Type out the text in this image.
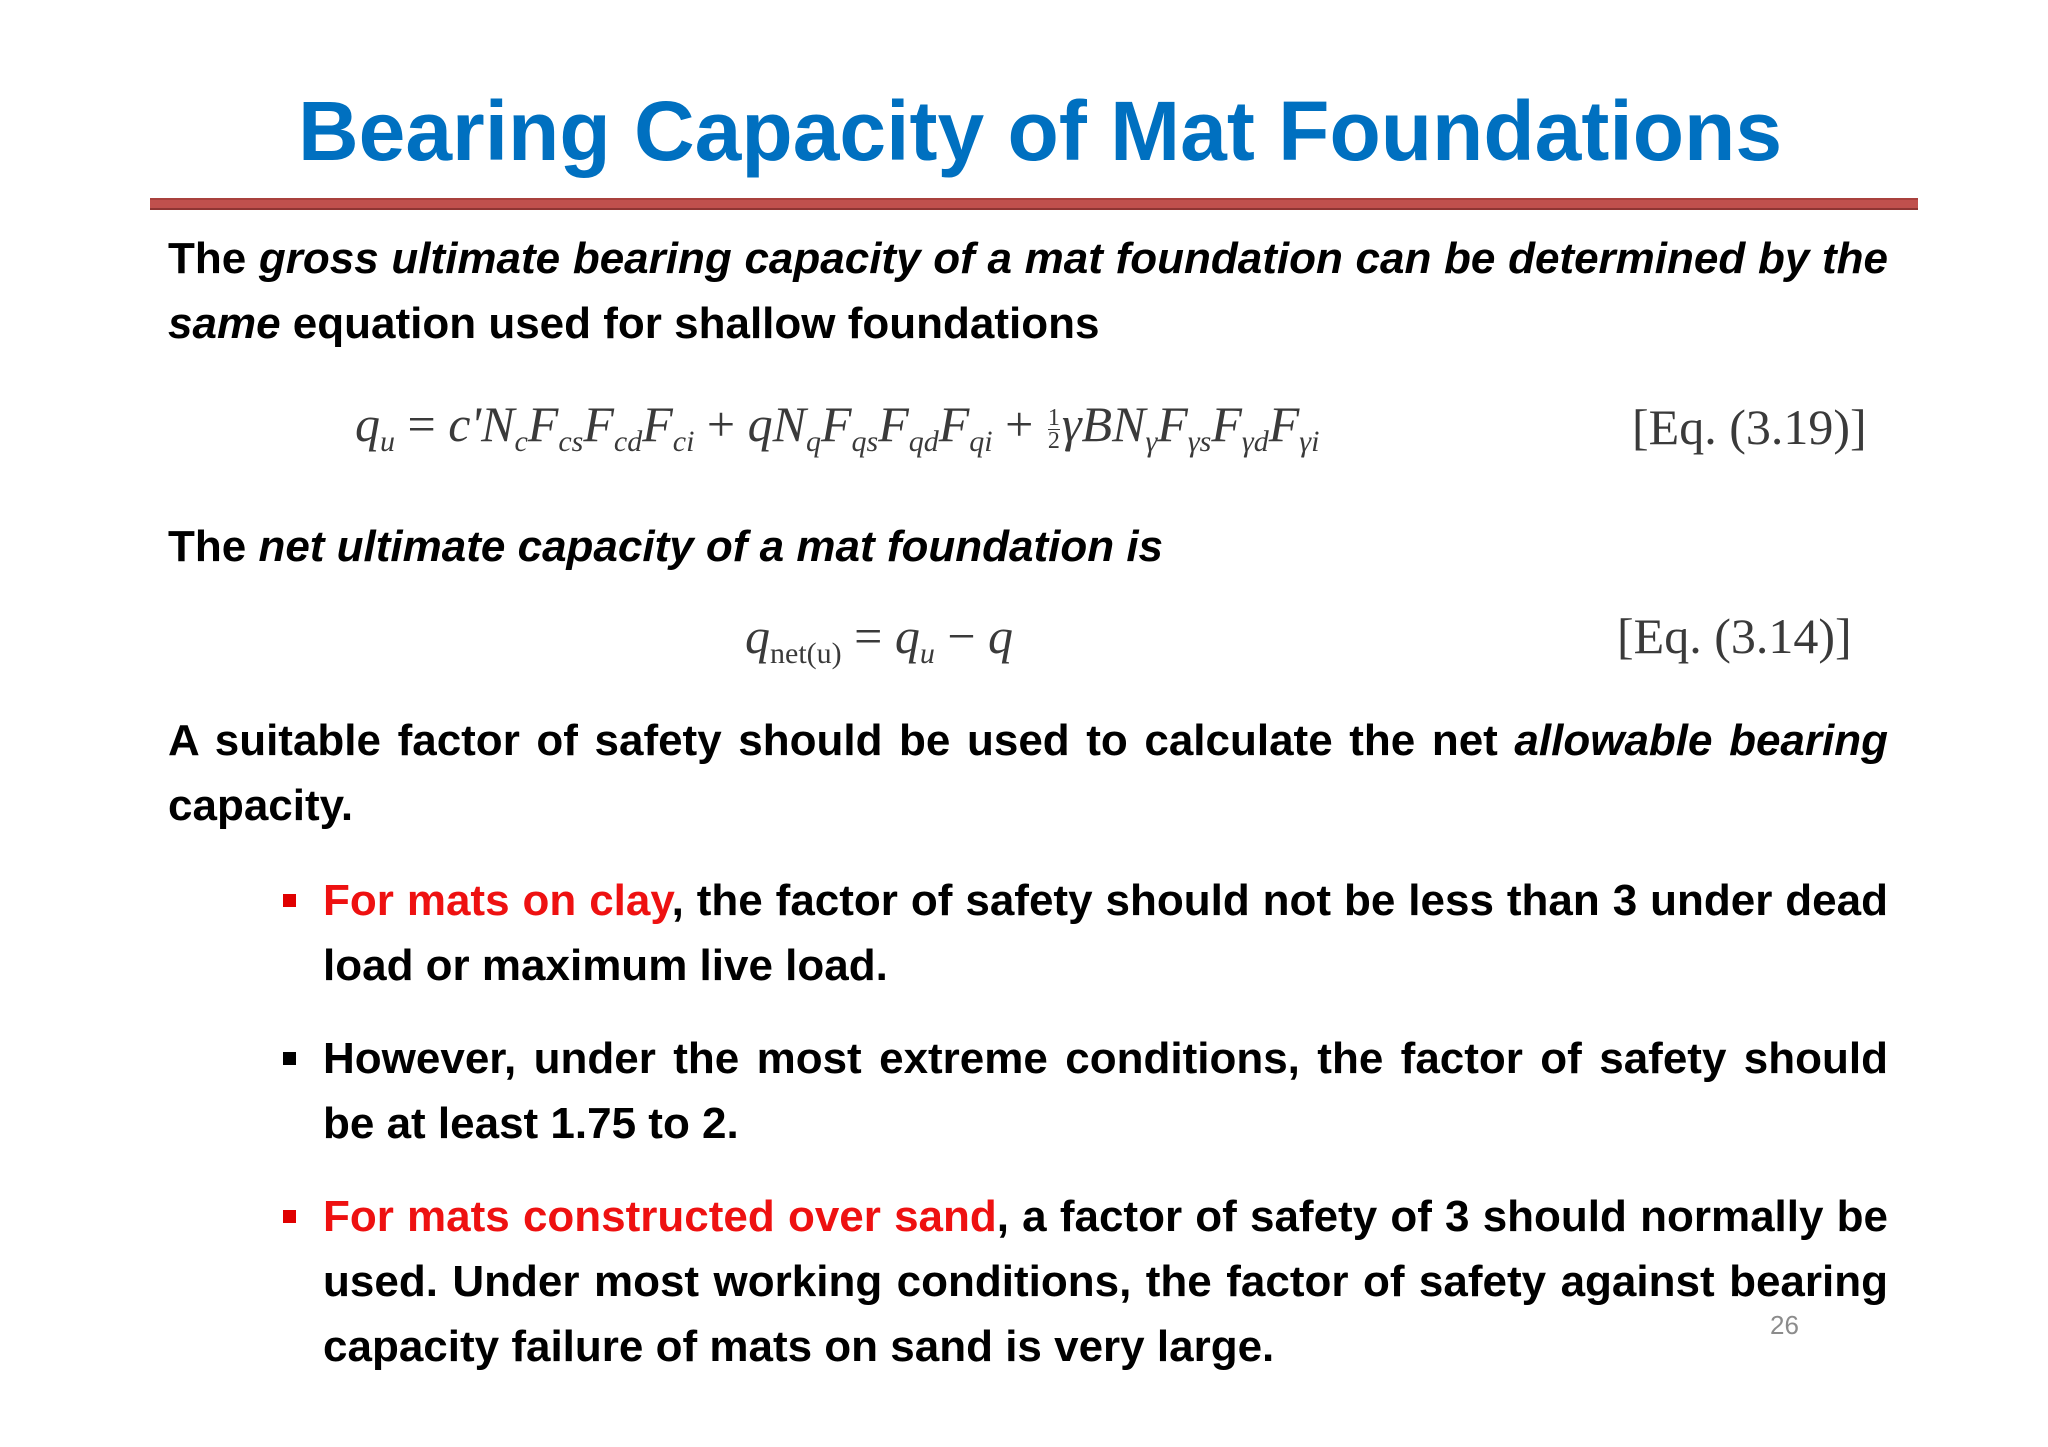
Bearing Capacity of Mat Foundations
The gross ultimate bearing capacity of a mat foundation can be determined by the same equation used for shallow foundations
$q_u = c'N_cF_{cs}F_{cd}F_{ci} + qN_qF_{qs}F_{qd}F_{qi} + \frac{1}{2} \gamma BN_\gamma F_{\gamma s}F_{\gamma d}F_{\gamma i}$	[Eq. (3.19)]
The net ultimate capacity of a mat foundation is
$q_{net(u)} = q_u - q$	[Eq. (3.14)]
A suitable factor of safety should be used to calculate the net allowable bearing capacity.
For mats on clay, the factor of safety should not be less than 3 under dead load or maximum live load.
However, under the most extreme conditions, the factor of safety should be at least 1.75 to 2.
For mats constructed over sand, a factor of safety of 3 should normally be used. Under most working conditions, the factor of safety against bearing capacity failure of mats on sand is very large.	26
